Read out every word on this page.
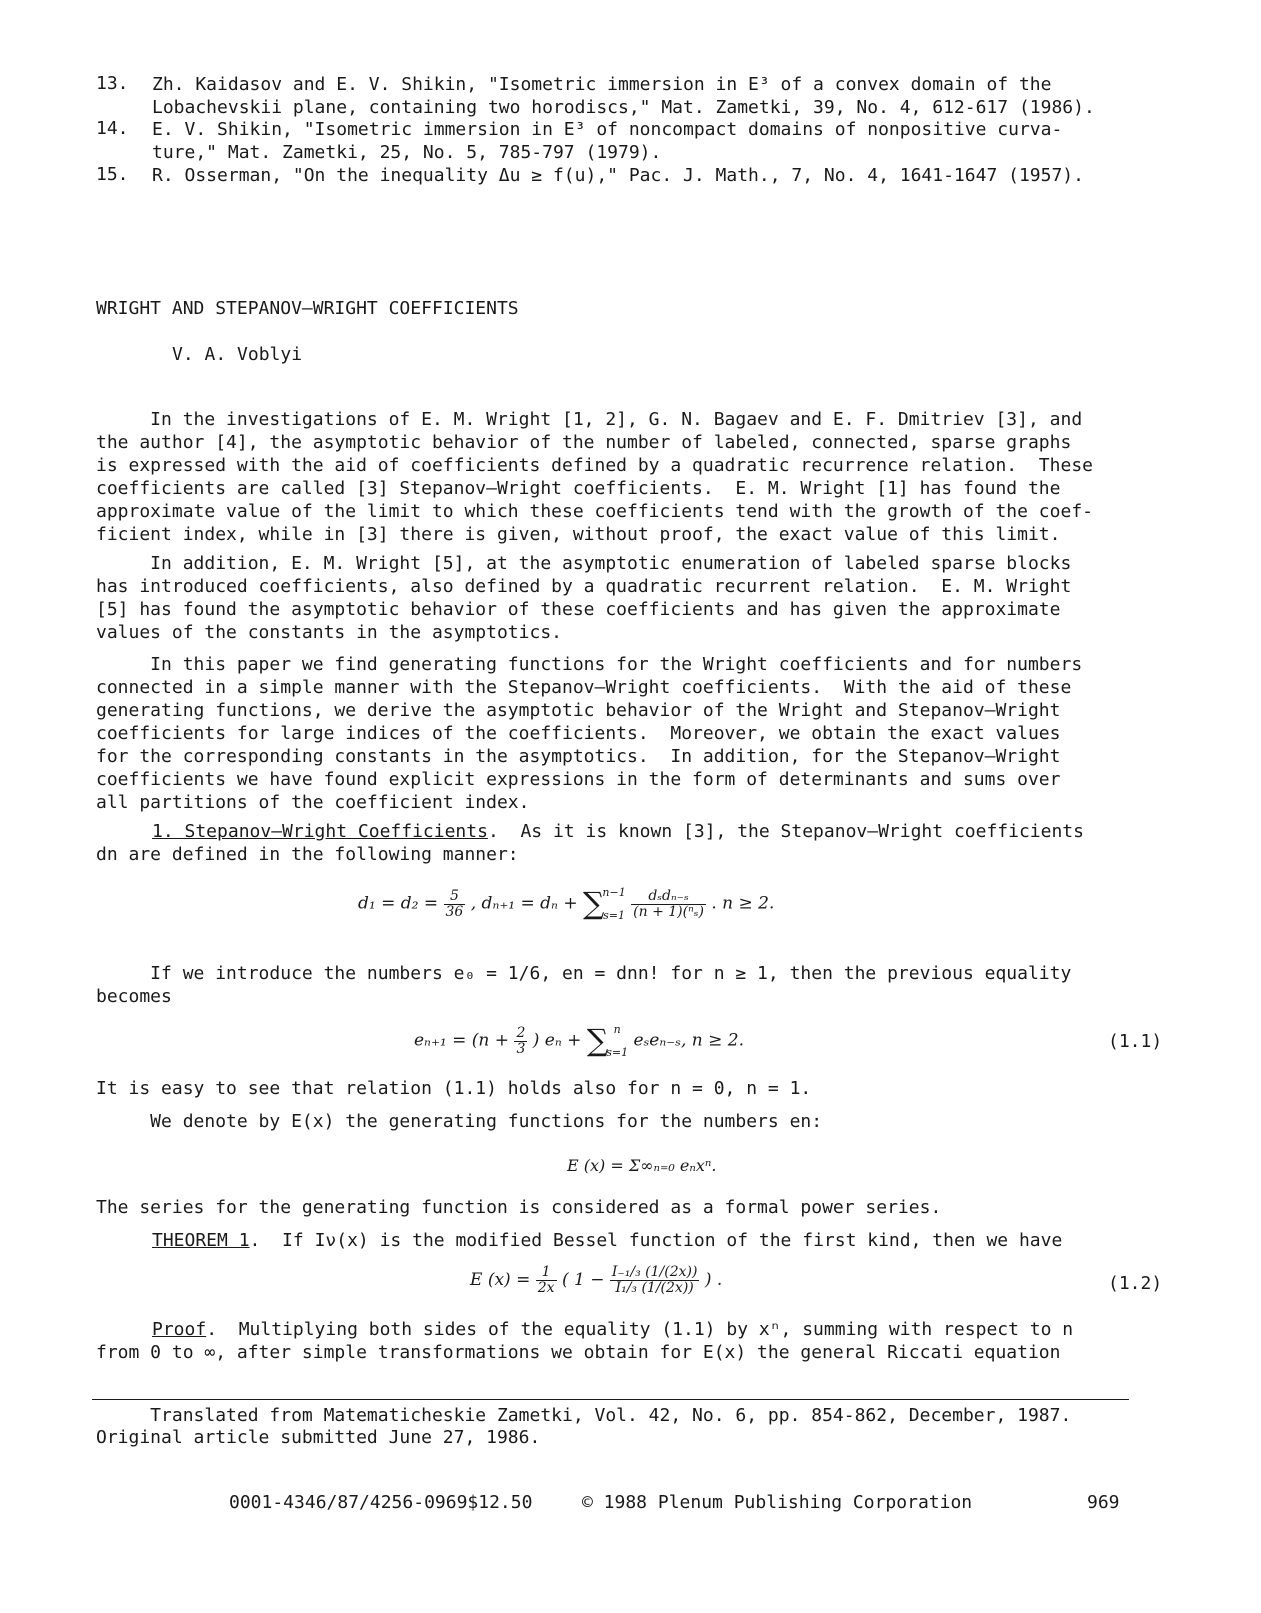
13. Zh. Kaidasov and E. V. Shikin, "Isometric immersion in E³ of a convex domain of the
Lobachevskii plane, containing two horodiscs," Mat. Zametki, 39, No. 4, 612-617 (1986).
14. E. V. Shikin, "Isometric immersion in E³ of noncompact domains of nonpositive curva-
ture," Mat. Zametki, 25, No. 5, 785-797 (1979).
15. R. Osserman, "On the inequality Δu ≥ f(u)," Pac. J. Math., 7, No. 4, 1641-1647 (1957).
WRIGHT AND STEPANOV—WRIGHT COEFFICIENTS
V. A. Voblyi
In the investigations of E. M. Wright [1, 2], G. N. Bagaev and E. F. Dmitriev [3], and
the author [4], the asymptotic behavior of the number of labeled, connected, sparse graphs
is expressed with the aid of coefficients defined by a quadratic recurrence relation.  These
coefficients are called [3] Stepanov—Wright coefficients.  E. M. Wright [1] has found the
approximate value of the limit to which these coefficients tend with the growth of the coef-
ficient index, while in [3] there is given, without proof, the exact value of this limit.
In addition, E. M. Wright [5], at the asymptotic enumeration of labeled sparse blocks
has introduced coefficients, also defined by a quadratic recurrent relation.  E. M. Wright
[5] has found the asymptotic behavior of these coefficients and has given the approximate
values of the constants in the asymptotics.
In this paper we find generating functions for the Wright coefficients and for numbers
connected in a simple manner with the Stepanov—Wright coefficients.  With the aid of these
generating functions, we derive the asymptotic behavior of the Wright and Stepanov—Wright
coefficients for large indices of the coefficients.  Moreover, we obtain the exact values
for the corresponding constants in the asymptotics.  In addition, for the Stepanov—Wright
coefficients we have found explicit expressions in the form of determinants and sums over
all partitions of the coefficient index.
1. Stepanov—Wright Coefficients.  As it is known [3], the Stepanov—Wright coefficients
dn are defined in the following manner:
$d_1 = d_2 = \frac{5}{36}$ , dₙ₊₁ = dₙ + ∑
n−1
s=1
$\frac{\text{dₛdₙ₋ₛ}}{\text{(n + 1)(ⁿₛ)}}$ . n ≥ 2.
If we introduce the numbers e₀ = 1/6, en = dnn! for n ≥ 1, then the previous equality
becomes
$e_{n+1} = (n + \frac{2}{3}$ ) eₙ + ∑ n
s=1
eₛeₙ₋ₛ, n ≥ 2.	(1.1)
It is easy to see that relation (1.1) holds also for n = 0, n = 1.
We denote by E(x) the generating functions for the numbers en:
E (x) = Σ∞ₙ₌₀ eₙxⁿ.
The series for the generating function is considered as a formal power series.
THEOREM 1.  If Iν(x) is the modified Bessel function of the first kind, then we have
E $(x) = \frac{1}{2x}$ ( $1 - \frac{\text{I₋₁/₃ (1/(2x))}}{\text{I₁/₃ (1/(2x))}}$ ) .	(1.2)
Proof.  Multiplying both sides of the equality (1.1) by xⁿ, summing with respect to n
from 0 to ∞, after simple transformations we obtain for E(x) the general Riccati equation
Translated from Matematicheskie Zametki, Vol. 42, No. 6, pp. 854-862, December, 1987.
Original article submitted June 27, 1986.
0001-4346/87/4256-0969$12.50	© 1988 Plenum Publishing Corporation	969
